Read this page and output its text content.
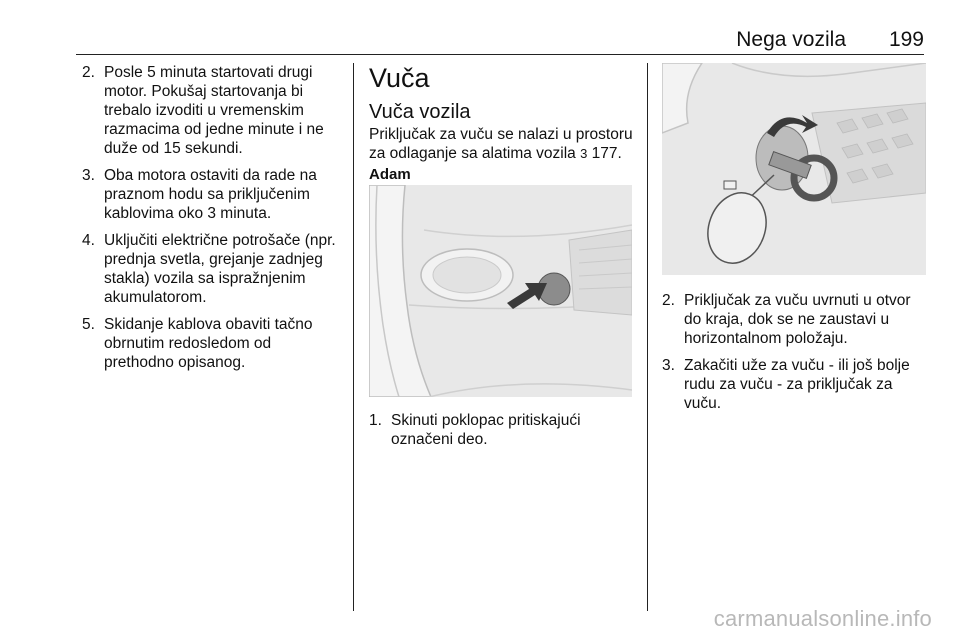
Nega vozila 199
2. Posle 5 minuta startovati drugi motor. Pokušaj startovanja bi trebalo izvoditi u vremenskim razmacima od jedne minute i ne duže od 15 sekundi.
3. Oba motora ostaviti da rade na praznom hodu sa priključenim kablovima oko 3 minuta.
4. Uključiti električne potrošače (npr. prednja svetla, grejanje zadnjeg stakla) vozila sa ispražnjenim akumulatorom.
5. Skidanje kablova obaviti tačno obrnutim redosledom od prethodno opisanog.
Vuča
Vuča vozila

Priključak za vuču se nalazi u prostoru za odlaganje sa alatima vozila 3 177.

Adam
1. Skinuti poklopac pritiskajući označeni deo.
2. Priključak za vuču uvrnuti u otvor do kraja, dok se ne zaustavi u horizontalnom položaju.
3. Zakačiti uže za vuču - ili još bolje rudu za vuču - za priključak za vuču.
carmanualsonline.info
